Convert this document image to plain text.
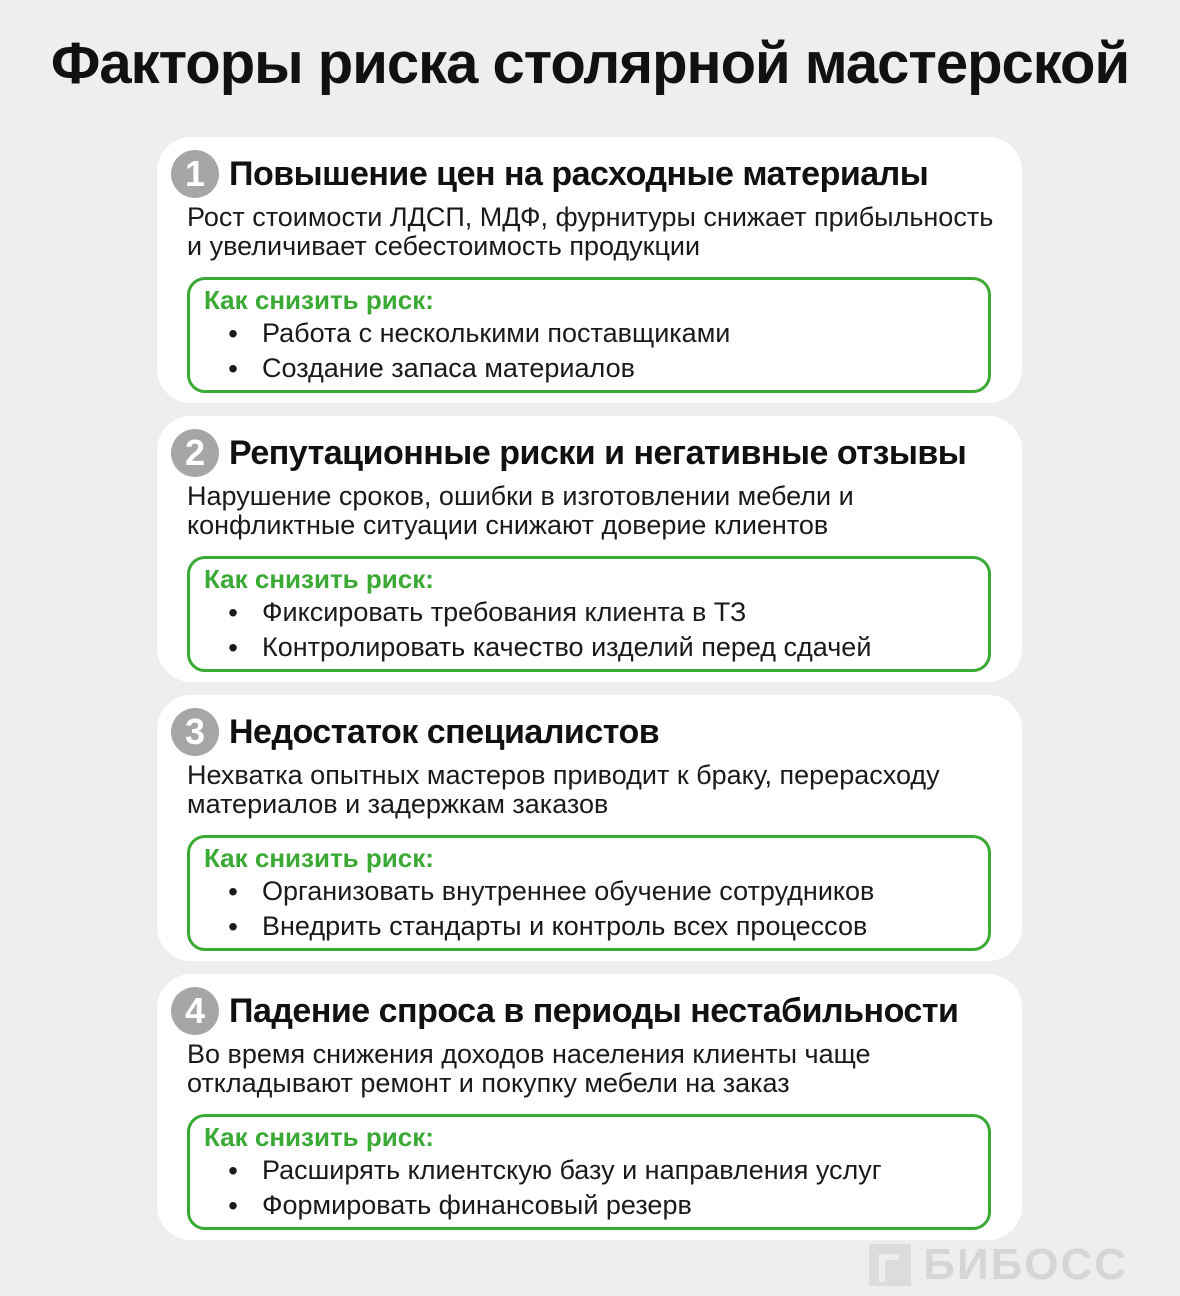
Факторы риска столярной мастерской
1 Повышение цен на расходные материалы
Рост стоимости ЛДСП, МДФ, фурнитуры снижает прибыльность и увеличивает себестоимость продукции
Как снизить риск:
• Работа с несколькими поставщиками
• Создание запаса материалов
2 Репутационные риски и негативные отзывы
Нарушение сроков, ошибки в изготовлении мебели и конфликтные ситуации снижают доверие клиентов
Как снизить риск:
• Фиксировать требования клиента в ТЗ
• Контролировать качество изделий перед сдачей
3 Недостаток специалистов
Нехватка опытных мастеров приводит к браку, перерасходу материалов и задержкам заказов
Как снизить риск:
• Организовать внутреннее обучение сотрудников
• Внедрить стандарты и контроль всех процессов
4 Падение спроса в периоды нестабильности
Во время снижения доходов населения клиенты чаще откладывают ремонт и покупку мебели на заказ
Как снизить риск:
• Расширять клиентскую базу и направления услуг
• Формировать финансовый резерв
БИБОСС
